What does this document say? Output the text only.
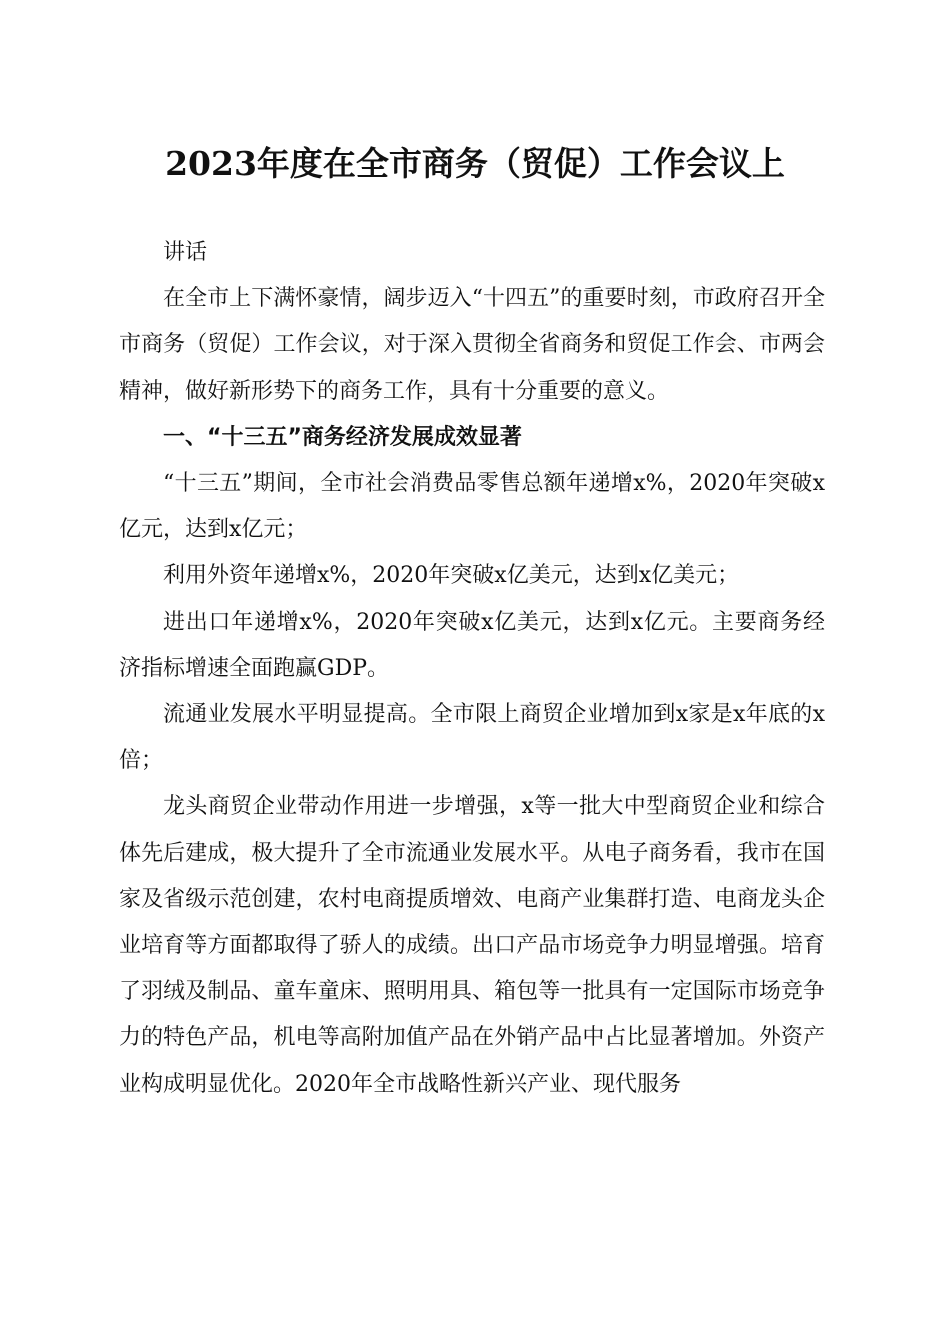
2023年度在全市商务（贸促）工作会议上

讲话

在全市上下满怀豪情，阔步迈入“十四五”的重要时刻，市政府召开全市商务（贸促）工作会议，对于深入贯彻全省商务和贸促工作会、市两会精神，做好新形势下的商务工作，具有十分重要的意义。

一、“十三五”商务经济发展成效显著

“十三五”期间，全市社会消费品零售总额年递增x%，2020年突破x亿元，达到x亿元；

利用外资年递增x%，2020年突破x亿美元，达到x亿美元；

进出口年递增x%，2020年突破x亿美元，达到x亿元。主要商务经济指标增速全面跑赢GDP。

流通业发展水平明显提高。全市限上商贸企业增加到x家是x年底的x倍；

龙头商贸企业带动作用进一步增强，x等一批大中型商贸企业和综合体先后建成，极大提升了全市流通业发展水平。从电子商务看，我市在国家及省级示范创建，农村电商提质增效、电商产业集群打造、电商龙头企业培育等方面都取得了骄人的成绩。出口产品市场竞争力明显增强。培育了羽绒及制品、童车童床、照明用具、箱包等一批具有一定国际市场竞争力的特色产品，机电等高附加值产品在外销产品中占比显著增加。外资产业构成明显优化。2020年全市战略性新兴产业、现代服务
